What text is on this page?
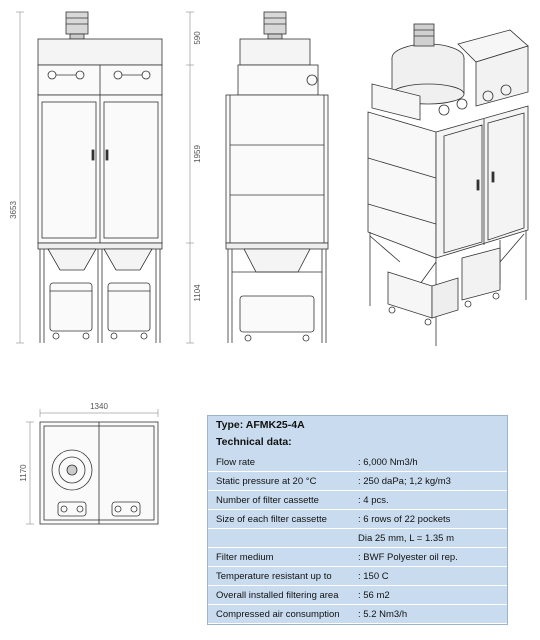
3653
590
1959
1104
1340
1170
Type: AFMK25-4A
Technical data:
Flow rate	: 6,000 Nm3/h
Static pressure at 20 °C	: 250 daPa; 1,2 kg/m3
Number of filter cassette	: 4 pcs.
Size of each filter cassette	: 6 rows of 22 pockets
Dia 25 mm, L = 1.35 m
Filter medium	: BWF Polyester oil rep.
Temperature resistant up to	: 150 C
Overall installed filtering area : 56 m2
Compressed air consumption : 5.2 Nm3/h
